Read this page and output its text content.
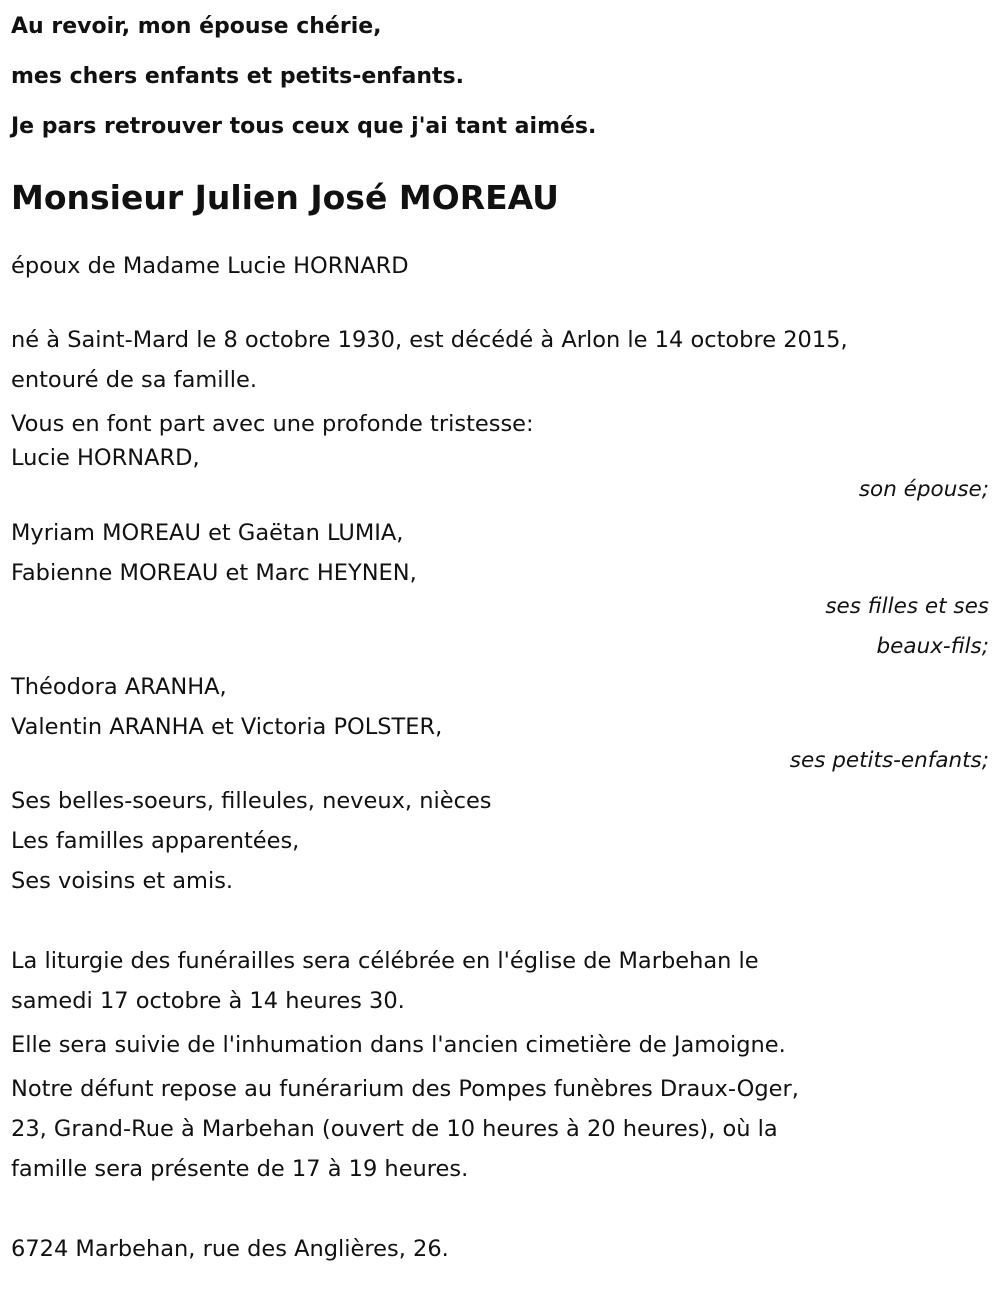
Au revoir, mon épouse chérie,
mes chers enfants et petits-enfants.
Je pars retrouver tous ceux que j'ai tant aimés.
Monsieur Julien José MOREAU
époux de Madame Lucie HORNARD
né à Saint-Mard le 8 octobre 1930, est décédé à Arlon le 14 octobre 2015,
entouré de sa famille.
Vous en font part avec une profonde tristesse:
Lucie HORNARD,
son épouse;
Myriam MOREAU et Gaëtan LUMIA,
Fabienne MOREAU et Marc HEYNEN,
ses filles et ses
beaux-fils;
Théodora ARANHA,
Valentin ARANHA et Victoria POLSTER,
ses petits-enfants;
Ses belles-soeurs, filleules, neveux, nièces
Les familles apparentées,
Ses voisins et amis.
La liturgie des funérailles sera célébrée en l'église de Marbehan le
samedi 17 octobre à 14 heures 30.
Elle sera suivie de l'inhumation dans l'ancien cimetière de Jamoigne.
Notre défunt repose au funérarium des Pompes funèbres Draux-Oger,
23, Grand-Rue à Marbehan (ouvert de 10 heures à 20 heures), où la
famille sera présente de 17 à 19 heures.
6724 Marbehan, rue des Anglières, 26.
